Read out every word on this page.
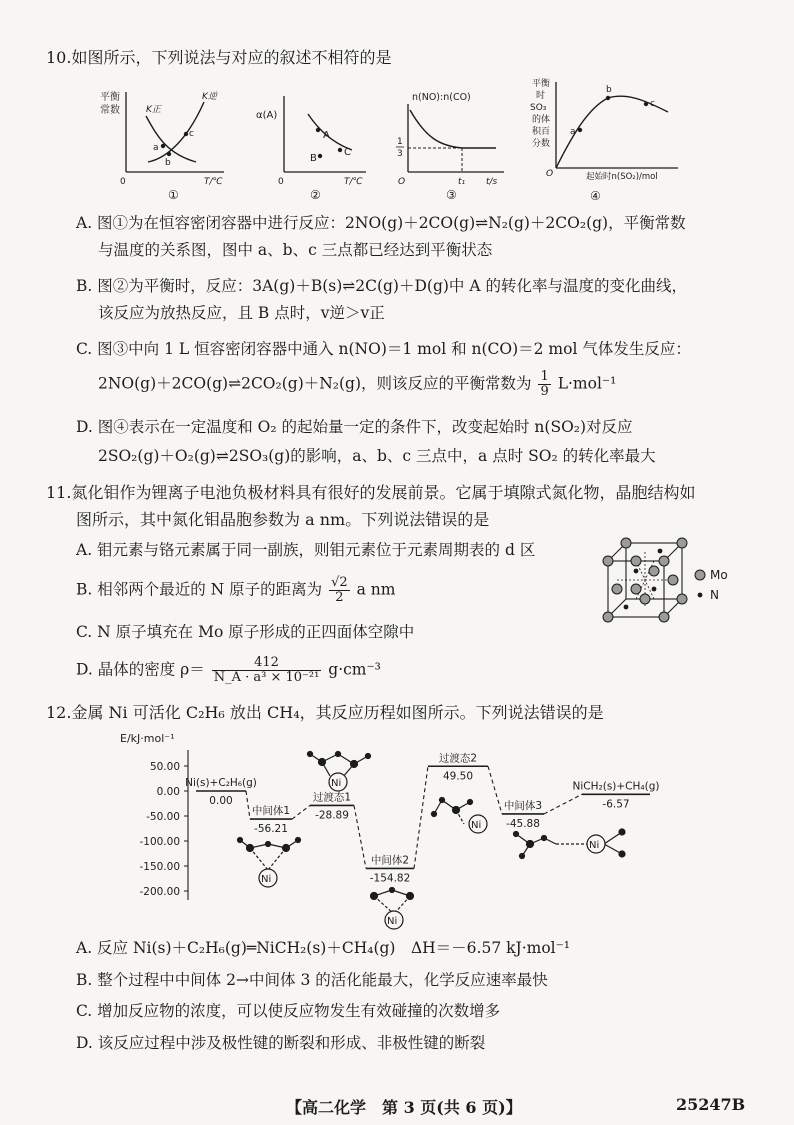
10.如图所示，下列说法与对应的叙述不相符的是
平衡
常数	K正
K逆
a
b
c
0	T/℃
①
α(A)
A
B
C
0	T/℃
②
n(NO):n(CO)
1
3
O	t₁ t/s
③
平衡
时
SO₃
的体
积百
分数
a
b
c
O	起始时n(SO₂)/mol
④
A. 图①为在恒容密闭容器中进行反应：2NO(g)＋2CO(g)⇌N₂(g)＋2CO₂(g)，平衡常数
与温度的关系图，图中 a、b、c 三点都已经达到平衡状态
B. 图②为平衡时，反应：3A(g)＋B(s)⇌2C(g)＋D(g)中 A 的转化率与温度的变化曲线，
该反应为放热反应，且 B 点时，v逆＞v正
C. 图③中向 1 L 恒容密闭容器中通入 n(NO)＝1 mol 和 n(CO)＝2 mol 气体发生反应：
2NO(g)＋2CO(g)⇌2CO₂(g)＋N₂(g)，则该反应的平衡常数为 $\frac{1}{9} L\cdot mol^{-1}$
D. 图④表示在一定温度和 O₂ 的起始量一定的条件下，改变起始时 n(SO₂)对反应
2SO₂(g)＋O₂(g)⇌2SO₃(g)的影响，a、b、c 三点中，a 点时 SO₂ 的转化率最大
11.氮化钼作为锂离子电池负极材料具有很好的发展前景。它属于填隙式氮化物，晶胞结构如
图所示，其中氮化钼晶胞参数为 a nm。下列说法错误的是
A. 钼元素与铬元素属于同一副族，则钼元素位于元素周期表的 d 区
B. 相邻两个最近的 N 原子的距离为 $\frac{√2}{2}$ a nm
C. N 原子填充在 Mo 原子形成的正四面体空隙中
D. 晶体的密度 $\rho= \frac{412}{\text{N\_A · a³ × 10⁻²¹}} g\cdot cm^{-3}$
Mo
N
12.金属 Ni 可活化 C₂H₆ 放出 CH₄，其反应历程如图所示。下列说法错误的是
E/kJ·mol⁻¹
50.00
0.00
-50.00
-100.00
-150.00
-200.00
Ni(s)+C₂H₆(g)
0.00
中间体1
-56.21
过渡态1
-28.89
中间体2
-154.82
过渡态2
49.50
中间体3
-45.88
NiCH₂(s)+CH₄(g)
-6.57
Ni
Ni
Ni
Ni
Ni
A. 反应 Ni(s)＋C₂H₆(g)═NiCH₂(s)＋CH₄(g)　ΔH＝－6.57 kJ·mol⁻¹
B. 整个过程中中间体 2→中间体 3 的活化能最大，化学反应速率最快
C. 增加反应物的浓度，可以使反应物发生有效碰撞的次数增多
D. 该反应过程中涉及极性键的断裂和形成、非极性键的断裂
【高二化学　第 3 页(共 6 页)】	25247B
